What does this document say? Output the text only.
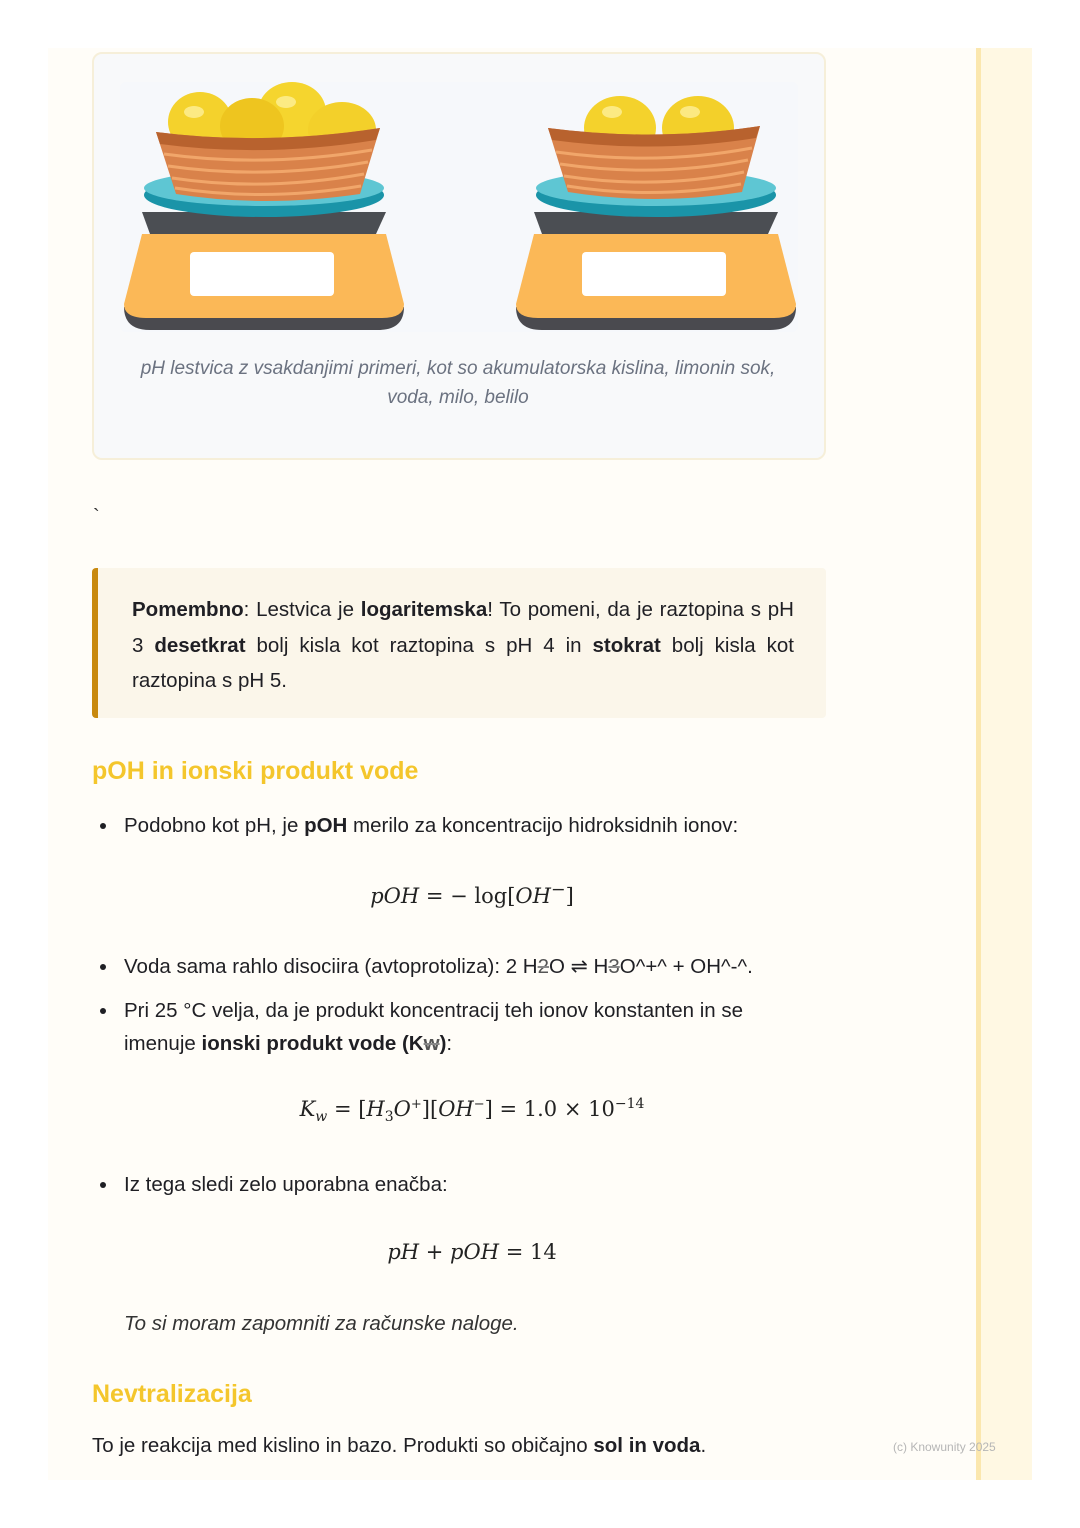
pH lestvica z vsakdanjimi primeri, kot so akumulatorska kislina, limonin sok, voda, milo, belilo
`
Pomembno: Lestvica je logaritemska! To pomeni, da je raztopina s pH 3 desetkrat bolj kisla kot raztopina s pH 4 in stokrat bolj kisla kot raztopina s pH 5.
pOH in ionski produkt vode
Podobno kot pH, je pOH merilo za koncentracijo hidroksidnih ionov:
pOH = − log[OH−]
Voda sama rahlo disociira (avtoprotoliza): 2 H2O ⇌ H3O^+^ + OH^-^.
Pri 25 °C velja, da je produkt koncentracij teh ionov konstanten in se imenuje ionski produkt vode (Kw):
$K_w = [H_3O^+][OH^-] = 1.0 \times 10^{-14}$
Iz tega sledi zelo uporabna enačba:
pH + pOH = 14
To si moram zapomniti za računske naloge.
Nevtralizacija
To je reakcija med kislino in bazo. Produkti so običajno sol in voda.	(c) Knowunity 2025
